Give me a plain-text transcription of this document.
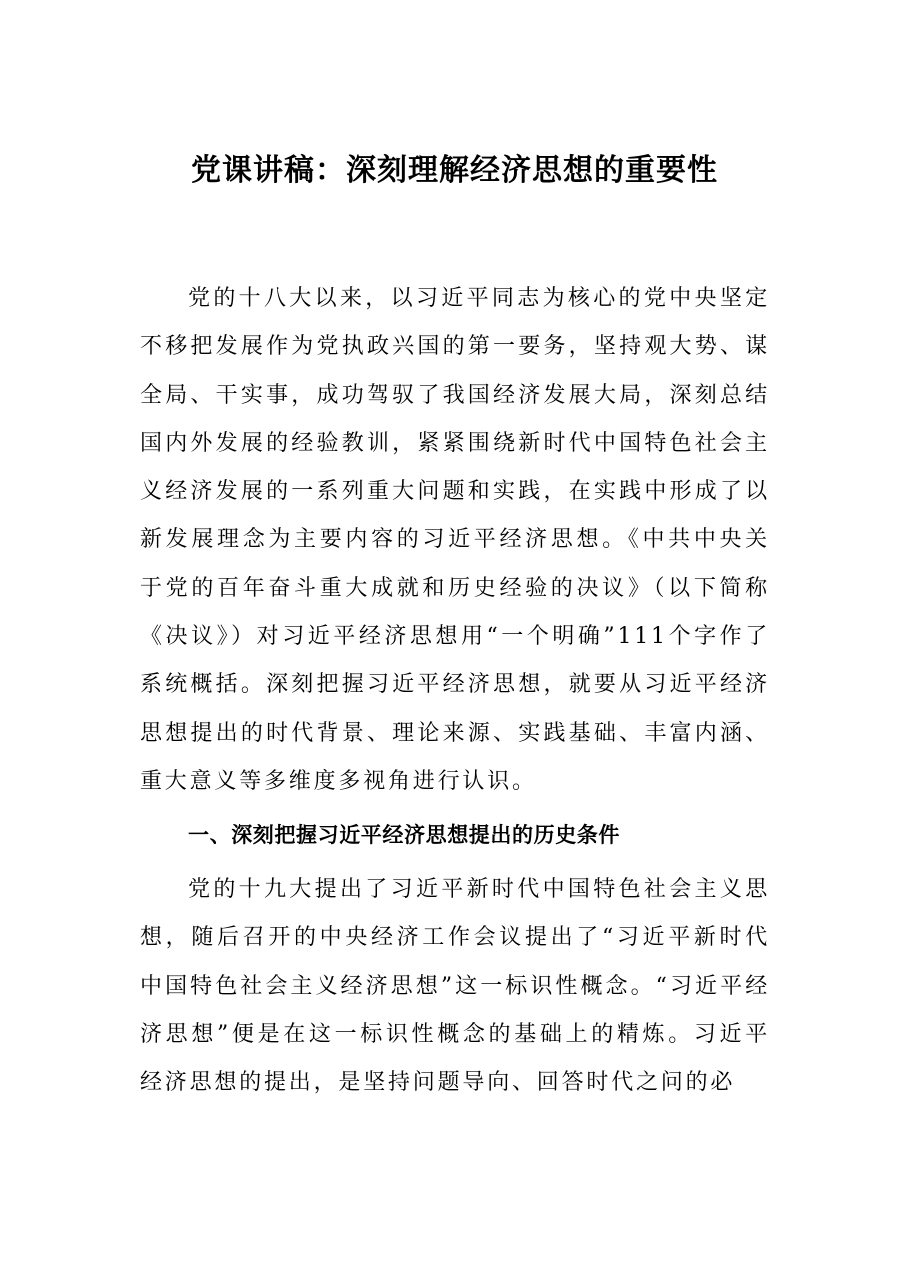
党课讲稿：深刻理解经济思想的重要性

党的十八大以来，以习近平同志为核心的党中央坚定不移把发展作为党执政兴国的第一要务，坚持观大势、谋全局、干实事，成功驾驭了我国经济发展大局，深刻总结国内外发展的经验教训，紧紧围绕新时代中国特色社会主义经济发展的一系列重大问题和实践，在实践中形成了以新发展理念为主要内容的习近平经济思想。《中共中央关于党的百年奋斗重大成就和历史经验的决议》（以下简称《决议》）对习近平经济思想用“一个明确”111个字作了系统概括。深刻把握习近平经济思想，就要从习近平经济思想提出的时代背景、理论来源、实践基础、丰富内涵、重大意义等多维度多视角进行认识。

一、深刻把握习近平经济思想提出的历史条件

党的十九大提出了习近平新时代中国特色社会主义思想，随后召开的中央经济工作会议提出了“习近平新时代中国特色社会主义经济思想”这一标识性概念。“习近平经济思想”便是在这一标识性概念的基础上的精炼。习近平经济思想的提出，是坚持问题导向、回答时代之问的必
